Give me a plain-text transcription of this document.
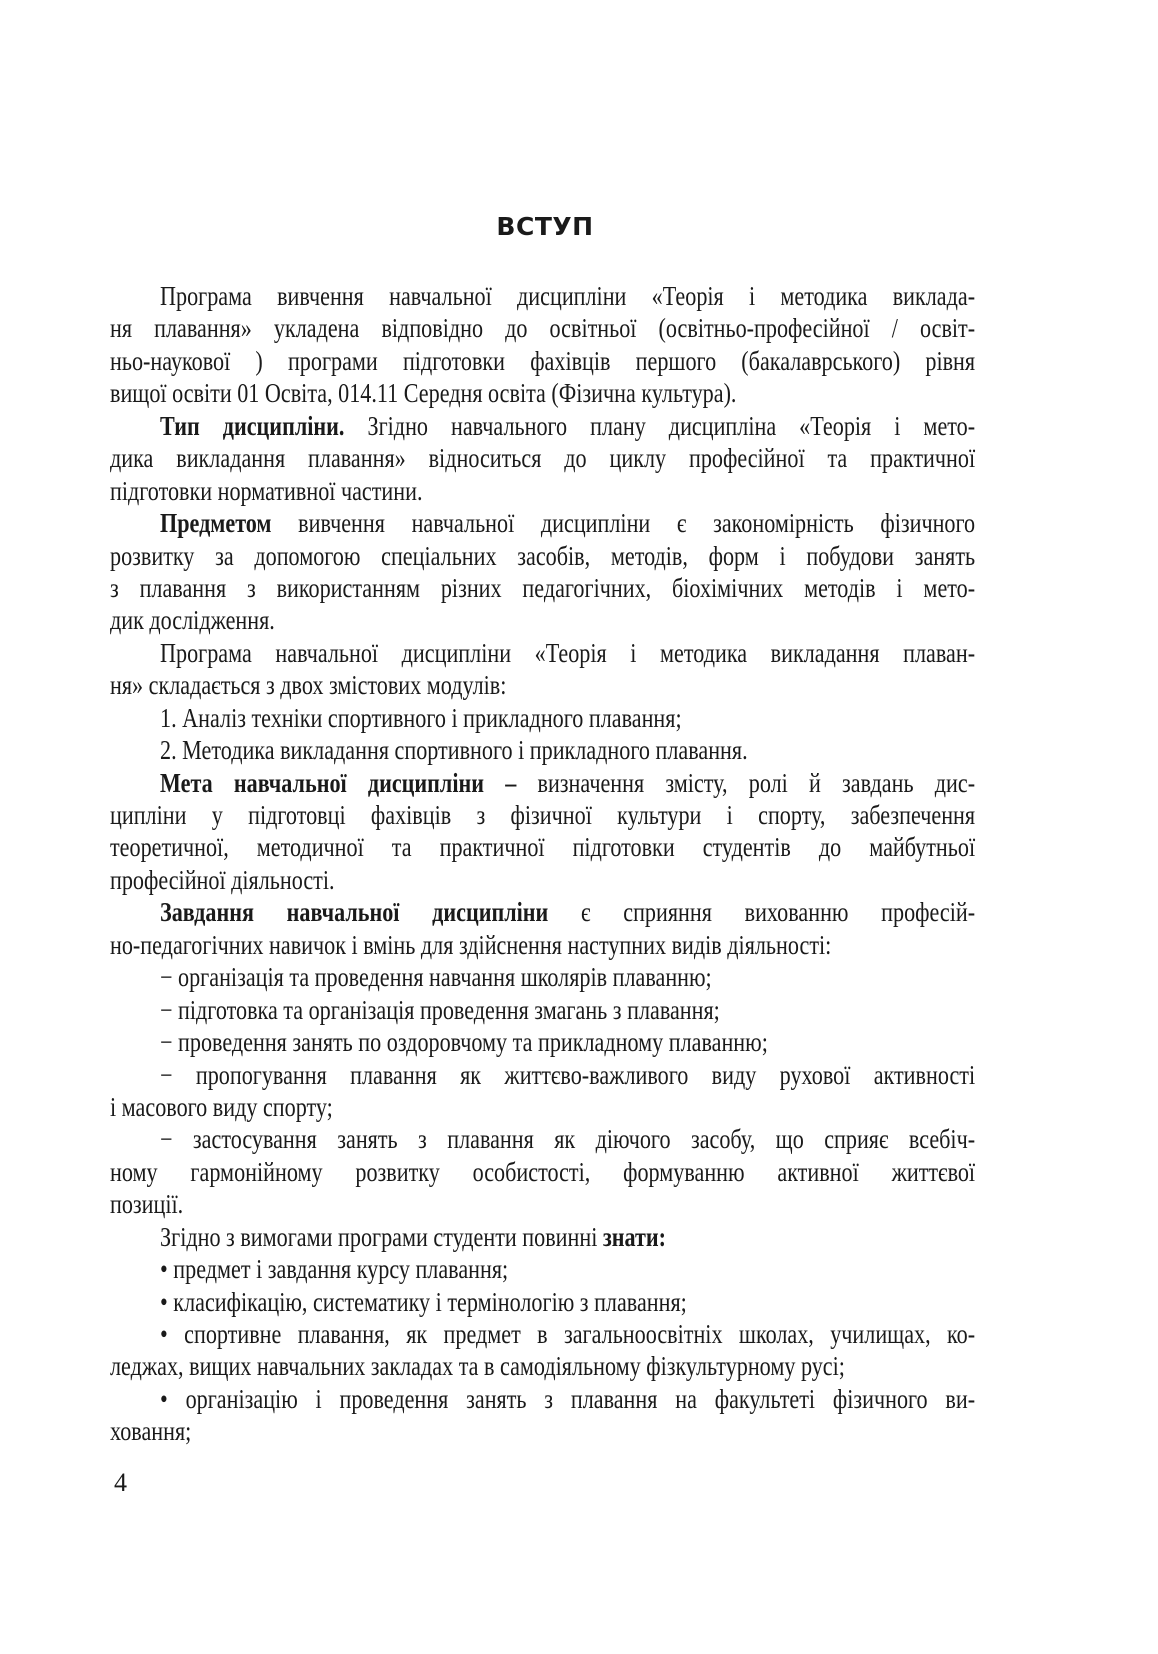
ВСТУП
Програма вивчення навчальної дисципліни «Теорія і методика виклада-
ня плавання» укладена відповідно до освітньої (освітньо-професійної / освіт-
ньо-наукової ) програми підготовки фахівців першого (бакалаврського) рівня
вищої освіти 01 Освіта, 014.11 Середня освіта (Фізична культура).
Тип дисципліни. Згідно навчального плану дисципліна «Теорія і мето-
дика викладання плавання» відноситься до циклу професійної та практичної
підготовки нормативної частини.
Предметом вивчення навчальної дисципліни є закономірність фізичного
розвитку за допомогою спеціальних засобів, методів, форм і побудови занять
з плавання з використанням різних педагогічних, біохімічних методів і мето-
дик дослідження.
Програма навчальної дисципліни «Теорія і методика викладання плаван-
ня» складається з двох змістових модулів:
1. Аналіз техніки спортивного і прикладного плавання;
2. Методика викладання спортивного і прикладного плавання.
Мета навчальної дисципліни – визначення змісту, ролі й завдань дис-
ципліни у підготовці фахівців з фізичної культури і спорту, забезпечення
теоретичної, методичної та практичної підготовки студентів до майбутньої
професійної діяльності.
Завдання навчальної дисципліни є сприяння вихованню професій-
но-педагогічних навичок і вмінь для здійснення наступних видів діяльності:
− організація та проведення навчання школярів плаванню;
− підготовка та організація проведення змагань з плавання;
− проведення занять по оздоровчому та прикладному плаванню;
− пропогування плавання як життєво-важливого виду рухової активності
і масового виду спорту;
− застосування занять з плавання як діючого засобу, що сприяє всебіч-
ному гармонійному розвитку особистості, формуванню активної життєвої
позиції.
Згідно з вимогами програми студенти повинні знати:
• предмет і завдання курсу плавання;
• класифікацію, систематику і термінологію з плавання;
• спортивне плавання, як предмет в загальноосвітніх школах, училищах, ко-
леджах, вищих навчальних закладах та в самодіяльному фізкультурному русі;
• організацію і проведення занять з плавання на факультеті фізичного ви-
ховання;
4
